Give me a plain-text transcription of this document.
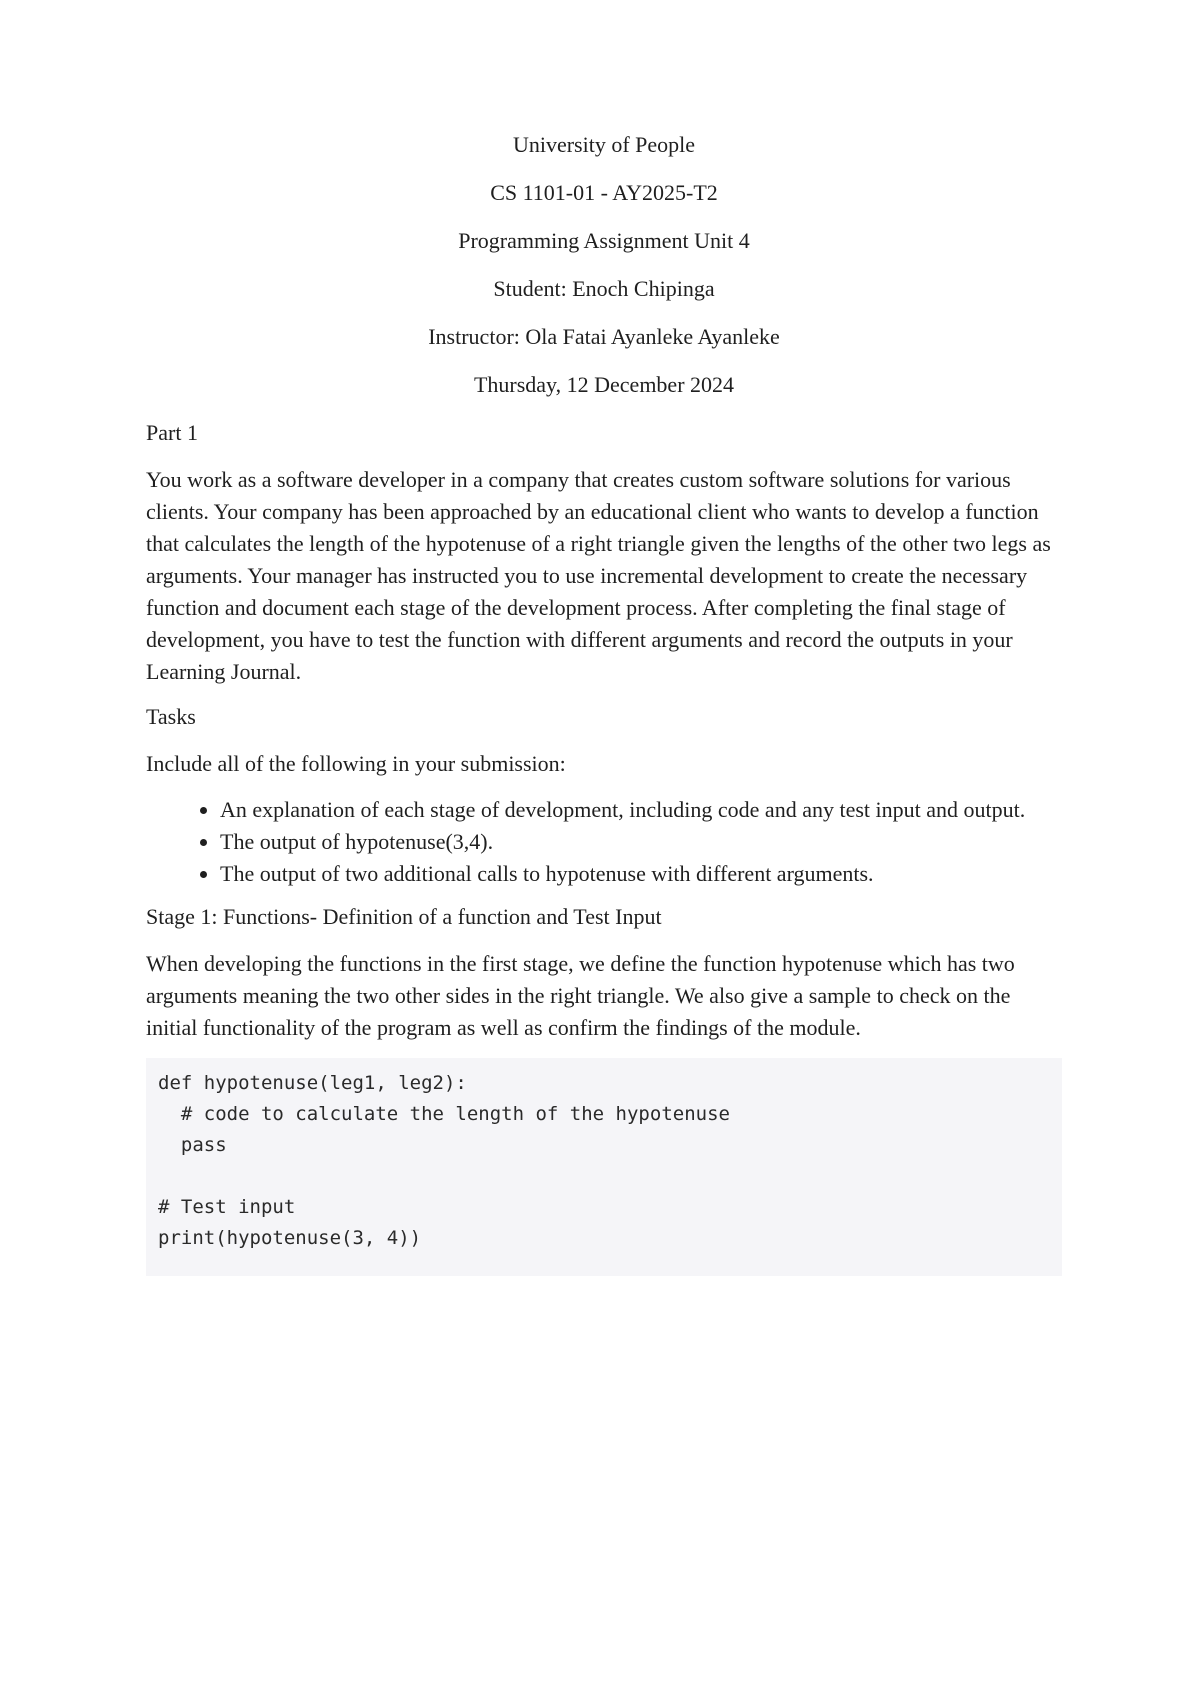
University of People

CS 1101-01 - AY2025-T2

Programming Assignment Unit 4

Student: Enoch Chipinga

Instructor: Ola Fatai Ayanleke Ayanleke

Thursday, 12 December 2024

Part 1

You work as a software developer in a company that creates custom software solutions for various clients. Your company has been approached by an educational client who wants to develop a function that calculates the length of the hypotenuse of a right triangle given the lengths of the other two legs as arguments. Your manager has instructed you to use incremental development to create the necessary function and document each stage of the development process. After completing the final stage of development, you have to test the function with different arguments and record the outputs in your Learning Journal.

Tasks

Include all of the following in your submission:

• An explanation of each stage of development, including code and any test input and output.
• The output of hypotenuse(3,4).
• The output of two additional calls to hypotenuse with different arguments.

Stage 1: Functions- Definition of a function and Test Input

When developing the functions in the first stage, we define the function hypotenuse which has two arguments meaning the two other sides in the right triangle. We also give a sample to check on the initial functionality of the program as well as confirm the findings of the module.

def hypotenuse(leg1, leg2):
# code to calculate the length of the hypotenuse
pass
# Test input
print(hypotenuse(3, 4))
